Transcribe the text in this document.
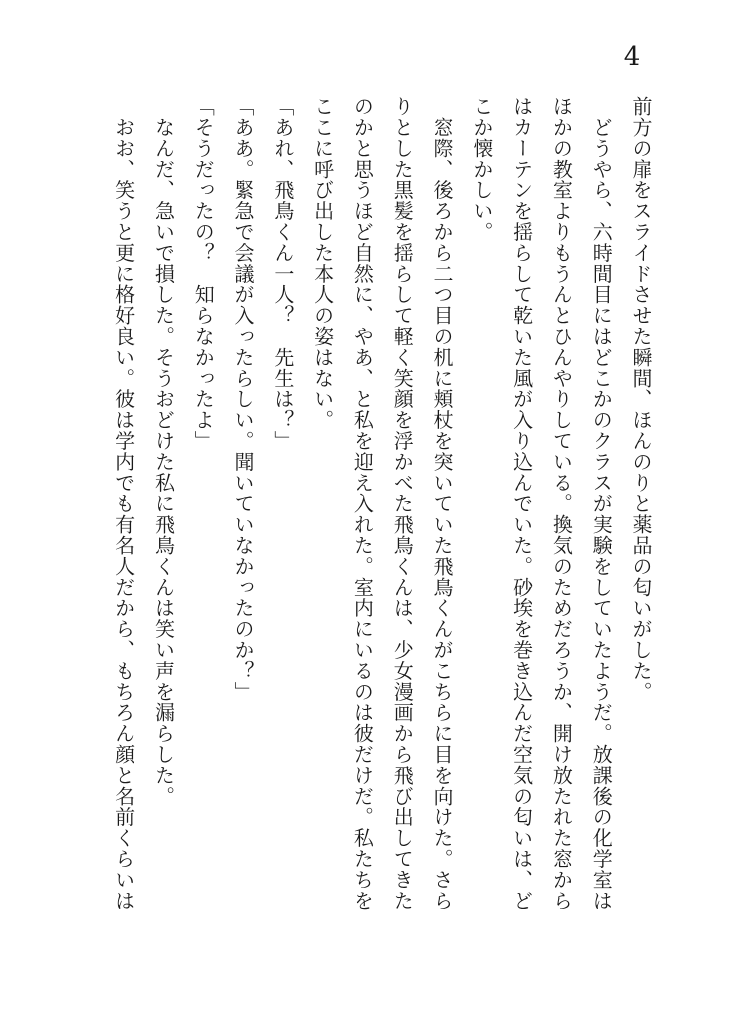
4

前方の扉をスライドさせた瞬間、ほんのりと薬品の匂いがした。

　どうやら、六時間目にはどこかのクラスが実験をしていたようだ。放課後の化学室は

ほかの教室よりもうんとひんやりしている。換気のためだろうか、開け放たれた窓から

はカーテンを揺らして乾いた風が入り込んでいた。砂埃を巻き込んだ空気の匂いは、ど

こか懐かしい。

　窓際、後ろから二つ目の机に頬杖を突いていた飛鳥くんがこちらに目を向けた。さら

りとした黒髪を揺らして軽く笑顔を浮かべた飛鳥くんは、少女漫画から飛び出してきた

のかと思うほど自然に、やあ、と私を迎え入れた。室内にいるのは彼だけだ。私たちを

ここに呼び出した本人の姿はない。

「あれ、飛鳥くん一人？　先生は？」

「ああ。緊急で会議が入ったらしい。聞いていなかったのか？」

「そうだったの？　知らなかったよ」

　なんだ、急いで損した。そうおどけた私に飛鳥くんは笑い声を漏らした。

　おお、笑うと更に格好良い。彼は学内でも有名人だから、もちろん顔と名前くらいは
